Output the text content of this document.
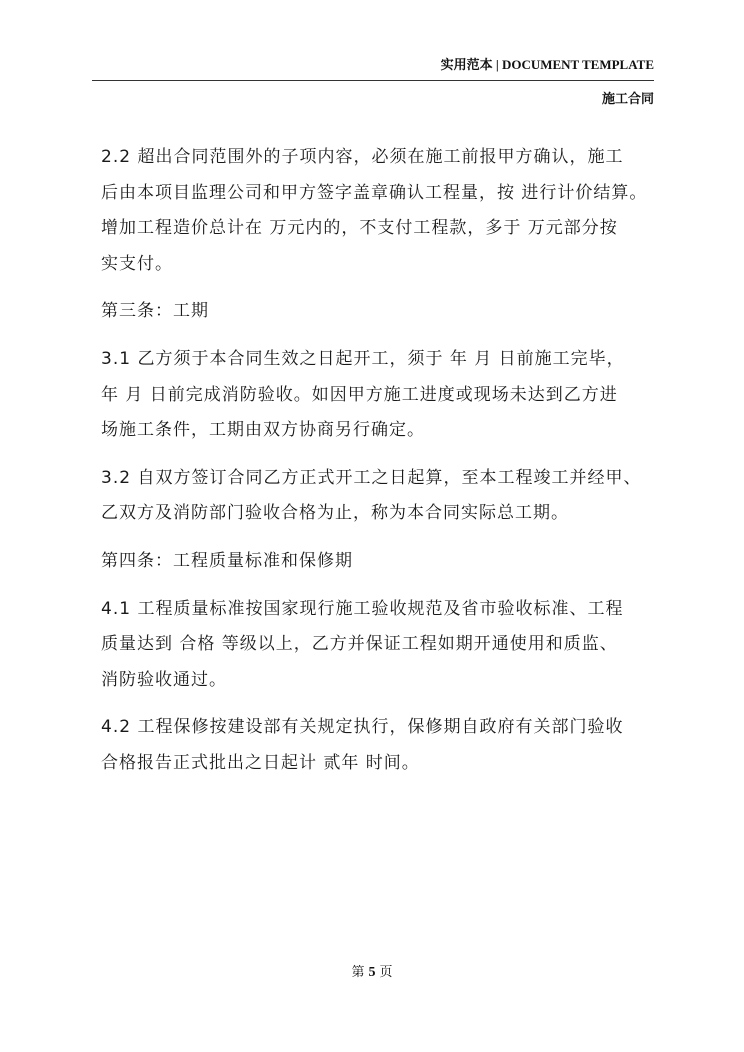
实用范本 | DOCUMENT TEMPLATE
施工合同

2.2 超出合同范围外的子项内容，必须在施工前报甲方确认，施工

后由本项目监理公司和甲方签字盖章确认工程量，按 进行计价结算。

增加工程造价总计在 万元内的，不支付工程款，多于 万元部分按

实支付。

第三条：工期

3.1 乙方须于本合同生效之日起开工，须于 年 月 日前施工完毕，

年 月 日前完成消防验收。如因甲方施工进度或现场未达到乙方进

场施工条件，工期由双方协商另行确定。

3.2 自双方签订合同乙方正式开工之日起算，至本工程竣工并经甲、

乙双方及消防部门验收合格为止，称为本合同实际总工期。

第四条：工程质量标准和保修期

4.1 工程质量标准按国家现行施工验收规范及省市验收标准、工程

质量达到 合格 等级以上，乙方并保证工程如期开通使用和质监、

消防验收通过。

4.2 工程保修按建设部有关规定执行，保修期自政府有关部门验收

合格报告正式批出之日起计 贰年 时间。

第 5 页
